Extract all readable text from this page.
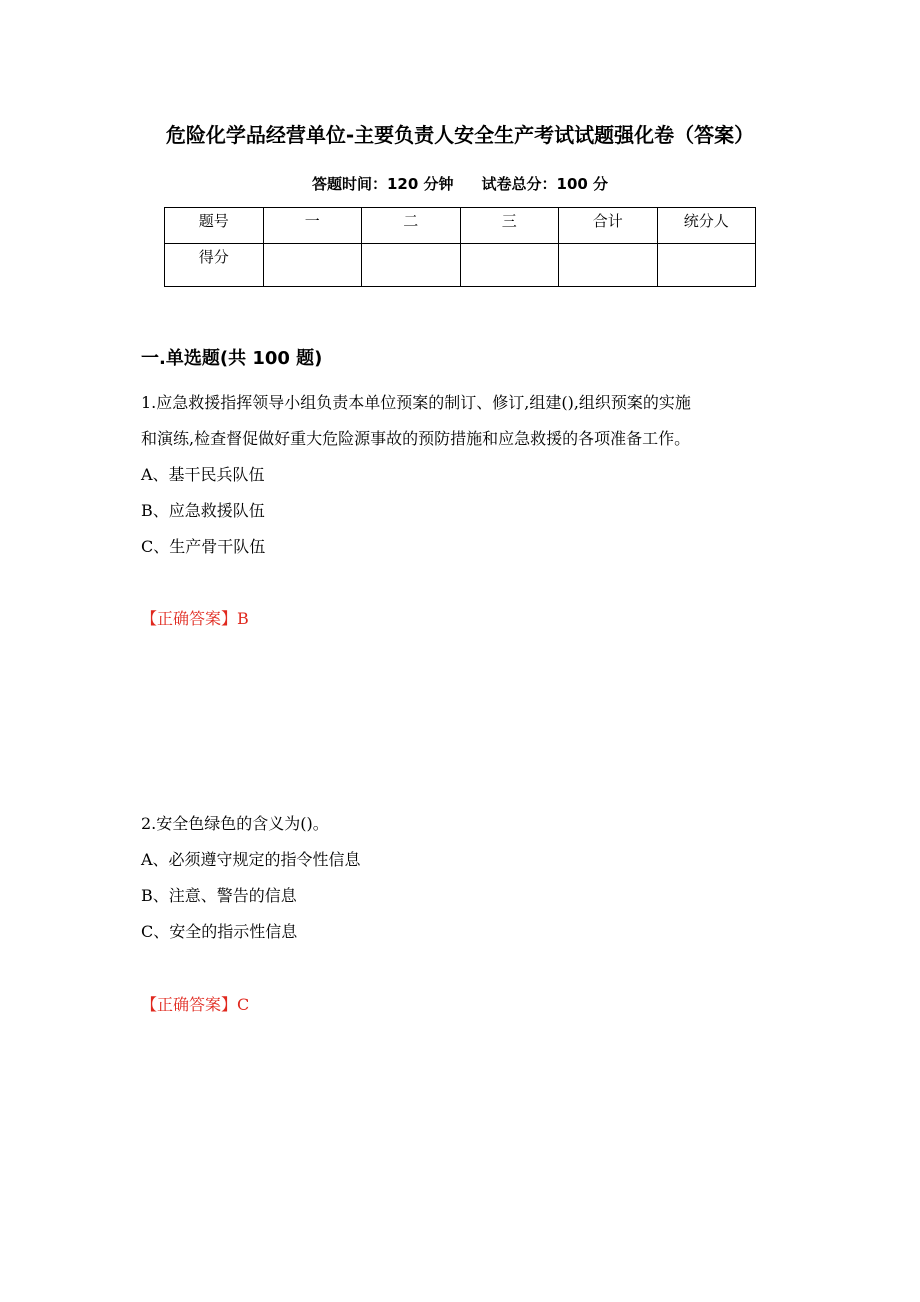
危险化学品经营单位-主要负责人安全生产考试试题强化卷（答案）
答题时间：120 分钟 试卷总分：100 分
题号	一	二	三	合计	统分人
得分					
一.单选题(共 100 题)
1.应急救援指挥领导小组负责本单位预案的制订、修订,组建(),组织预案的实施
和演练,检查督促做好重大危险源事故的预防措施和应急救援的各项准备工作。
A、基干民兵队伍
B、应急救援队伍
C、生产骨干队伍
【正确答案】B
2.安全色绿色的含义为()。
A、必须遵守规定的指令性信息
B、注意、警告的信息
C、安全的指示性信息
【正确答案】C
